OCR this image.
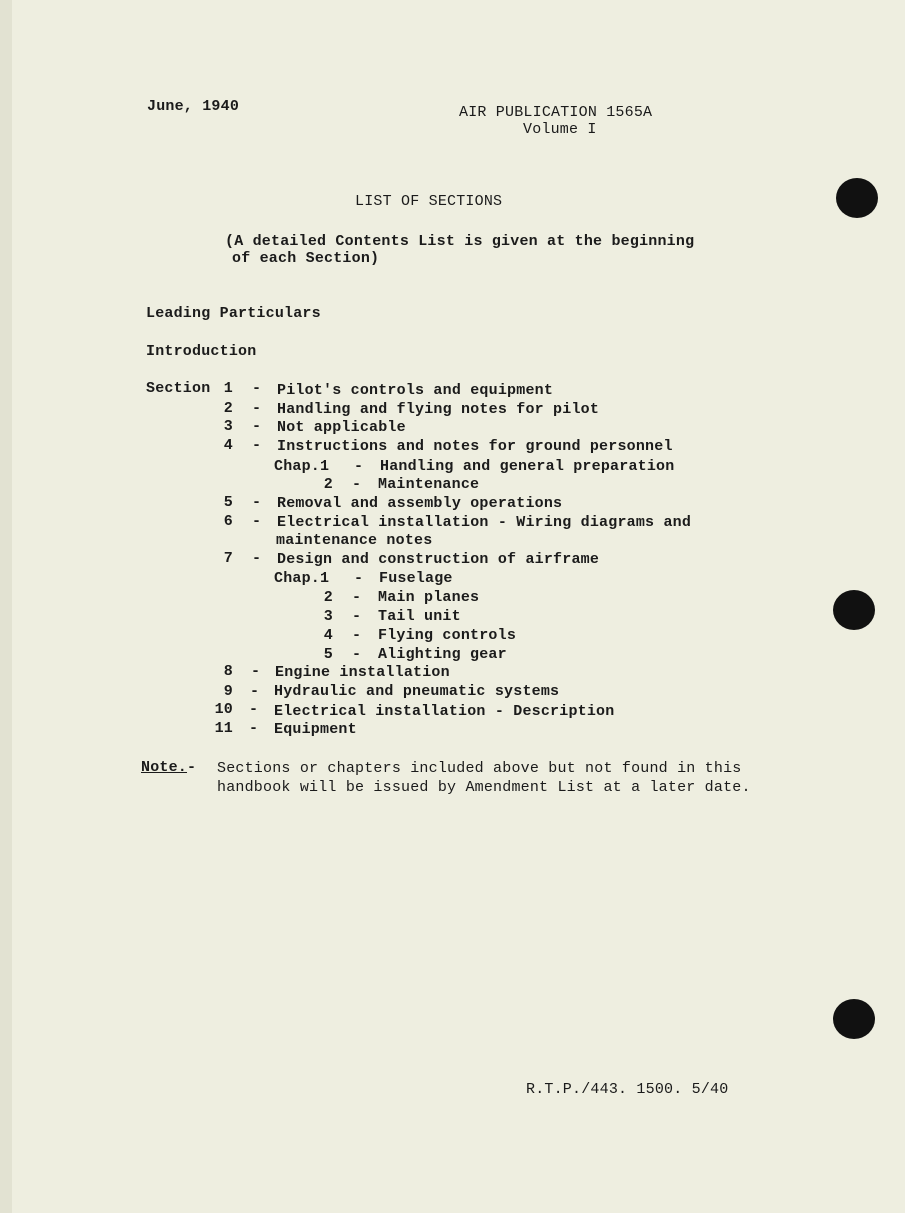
June, 1940	AIR PUBLICATION 1565A
Volume I
LIST OF SECTIONS
(A detailed Contents List is given at the beginning
of each Section)
Leading Particulars
Introduction
Section 1 - Pilot's controls and equipment
2 - Handling and flying notes for pilot
3 - Not applicable
4 - Instructions and notes for ground personnel
Chap.1 - Handling and general preparation
2 - Maintenance
5 - Removal and assembly operations
6 - Electrical installation - Wiring diagrams and
maintenance notes
7 - Design and construction of airframe
Chap.1 - Fuselage
2 - Main planes
3 - Tail unit
4 - Flying controls
5 - Alighting gear
8 - Engine installation
9 - Hydraulic and pneumatic systems
10 - Electrical installation - Description
11 - Equipment
Note.- Sections or chapters included above but not found in this
handbook will be issued by Amendment List at a later date.
R.T.P./443. 1500. 5/40
